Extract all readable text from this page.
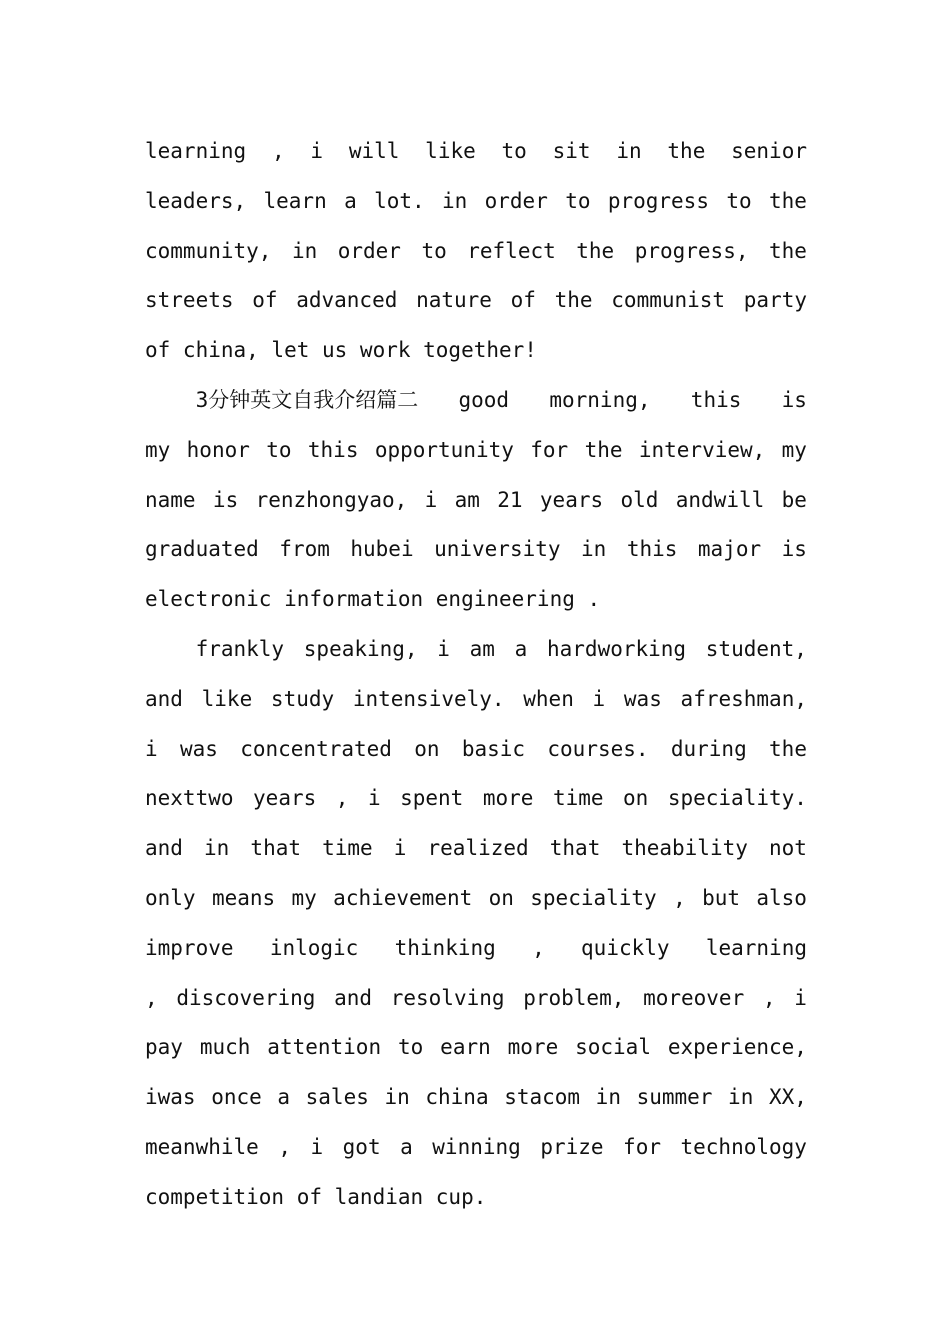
learning , i will like to sit in the senior
leaders, learn a lot. in order to progress to the
community, in order to reflect the progress, the
streets of advanced nature of the communist party
of china, let us work together!
3分钟英文自我介绍篇二 good morning, this is
my honor to this opportunity for the interview, my
name is renzhongyao, i am 21 years old andwill be
graduated from hubei university in this major is
electronic information engineering .
frankly speaking, i am a hardworking student,
and like study intensively. when i was afreshman,
i was concentrated on basic courses. during the
nexttwo years , i spent more time on speciality.
and in that time i realized that theability not
only means my achievement on speciality , but also
improve inlogic thinking , quickly learning
, discovering and resolving problem, moreover , i
pay much attention to earn more social experience,
iwas once a sales in china stacom in summer in XX,
meanwhile , i got a winning prize for technology
competition of landian cup.
